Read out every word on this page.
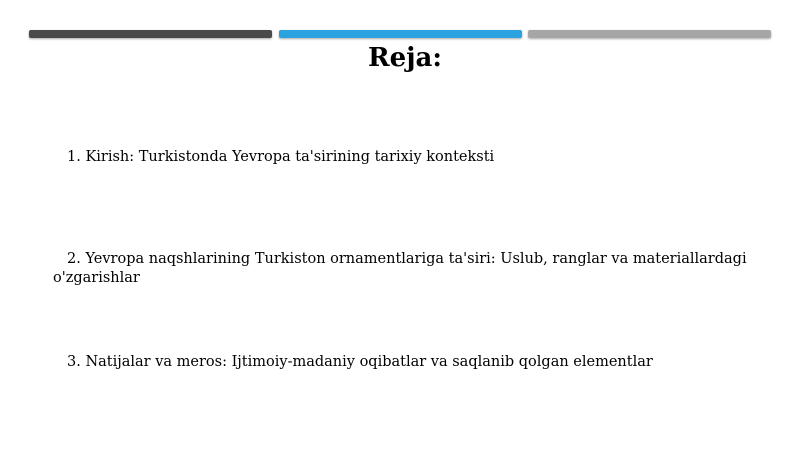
Reja:
1. Kirish: Turkistonda Yevropa ta'sirining tarixiy konteksti
2. Yevropa naqshlarining Turkiston ornamentlariga ta'siri: Uslub, ranglar va materiallardagi
o'zgarishlar
3. Natijalar va meros: Ijtimoiy-madaniy oqibatlar va saqlanib qolgan elementlar
